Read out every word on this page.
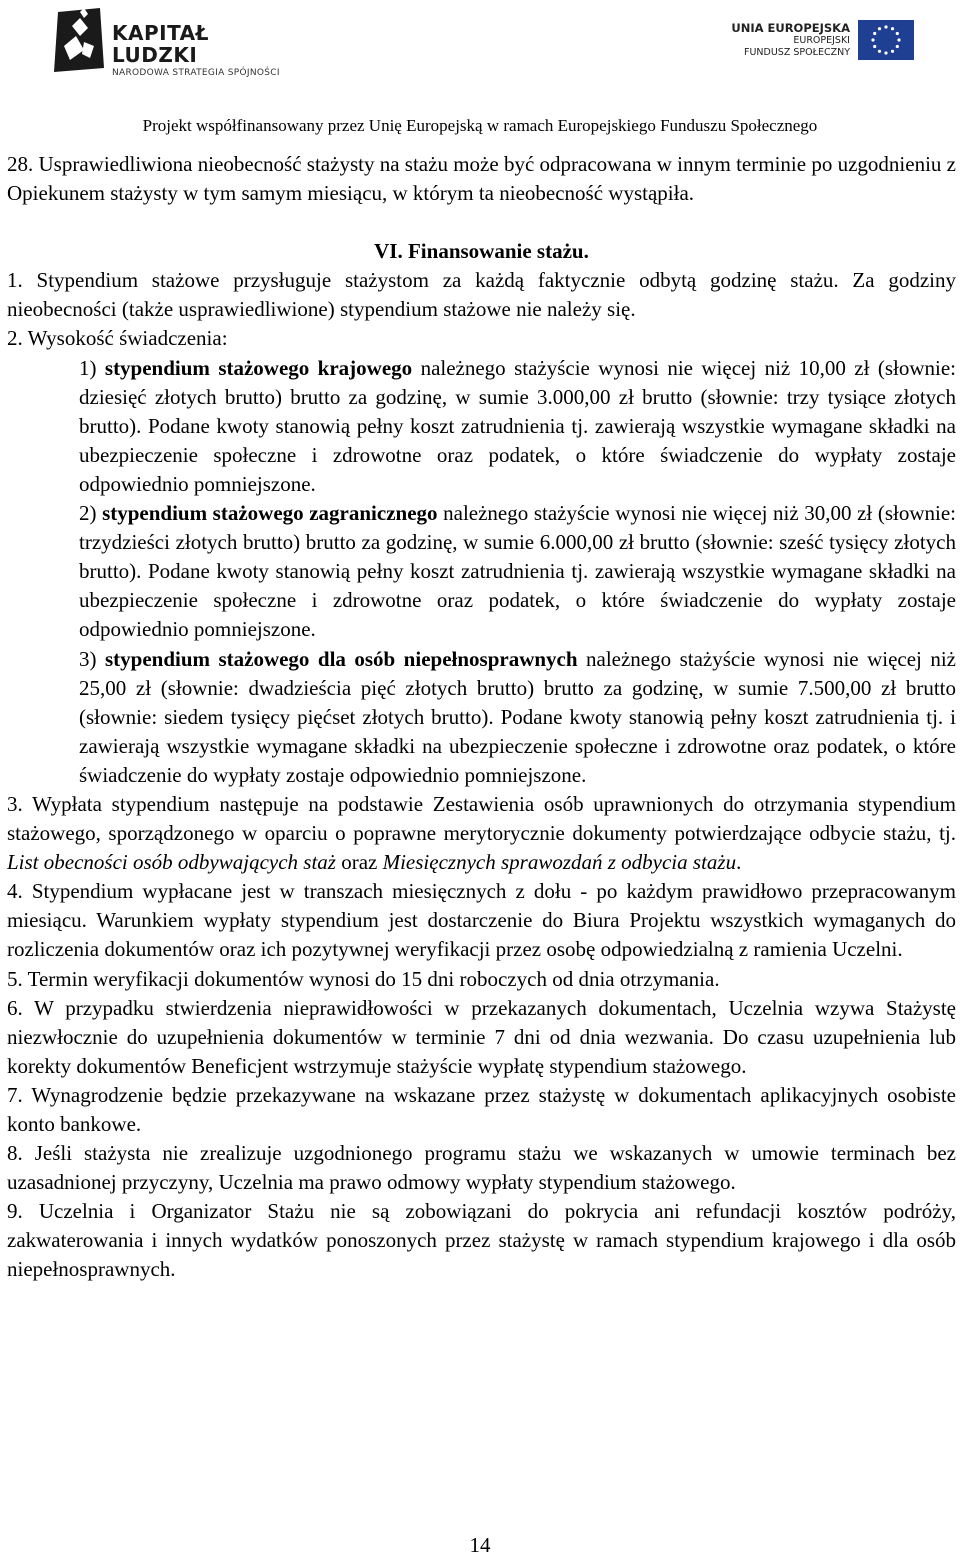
KAPITAŁ LUDZKI
NARODOWA STRATEGIA SPÓJNOŚCI
UNIA EUROPEJSKA
EUROPEJSKI
FUNDUSZ SPOŁECZNY
Projekt współfinansowany przez Unię Europejską w ramach Europejskiego Funduszu Społecznego

28. Usprawiedliwiona nieobecność stażysty na stażu może być odpracowana w innym terminie po uzgodnieniu z Opiekunem stażysty w tym samym miesiącu, w którym ta nieobecność wystąpiła.

VI. Finansowanie stażu.

1. Stypendium stażowe przysługuje stażystom za każdą faktycznie odbytą godzinę stażu. Za godziny nieobecności (także usprawiedliwione) stypendium stażowe nie należy się.

2. Wysokość świadczenia:

1) stypendium stażowego krajowego należnego stażyście wynosi nie więcej niż 10,00 zł (słownie: dziesięć złotych brutto) brutto za godzinę, w sumie 3.000,00 zł brutto (słownie: trzy tysiące złotych brutto). Podane kwoty stanowią pełny koszt zatrudnienia tj. zawierają wszystkie wymagane składki na ubezpieczenie społeczne i zdrowotne oraz podatek, o które świadczenie do wypłaty zostaje odpowiednio pomniejszone.

2) stypendium stażowego zagranicznego należnego stażyście wynosi nie więcej niż 30,00 zł (słownie: trzydzieści złotych brutto) brutto za godzinę, w sumie 6.000,00 zł brutto (słownie: sześć tysięcy złotych brutto). Podane kwoty stanowią pełny koszt zatrudnienia tj. zawierają wszystkie wymagane składki na ubezpieczenie społeczne i zdrowotne oraz podatek, o które świadczenie do wypłaty zostaje odpowiednio pomniejszone.

3) stypendium stażowego dla osób niepełnosprawnych należnego stażyście wynosi nie więcej niż 25,00 zł (słownie: dwadzieścia pięć złotych brutto) brutto za godzinę, w sumie 7.500,00 zł brutto (słownie: siedem tysięcy pięćset złotych brutto). Podane kwoty stanowią pełny koszt zatrudnienia tj. i zawierają wszystkie wymagane składki na ubezpieczenie społeczne i zdrowotne oraz podatek, o które świadczenie do wypłaty zostaje odpowiednio pomniejszone.

3. Wypłata stypendium następuje na podstawie Zestawienia osób uprawnionych do otrzymania stypendium stażowego, sporządzonego w oparciu o poprawne merytorycznie dokumenty potwierdzające odbycie stażu, tj. List obecności osób odbywających staż oraz Miesięcznych sprawozdań z odbycia stażu.

4. Stypendium wypłacane jest w transzach miesięcznych z dołu - po każdym prawidłowo przepracowanym miesiącu. Warunkiem wypłaty stypendium jest dostarczenie do Biura Projektu wszystkich wymaganych do rozliczenia dokumentów oraz ich pozytywnej weryfikacji przez osobę odpowiedzialną z ramienia Uczelni.

5. Termin weryfikacji dokumentów wynosi do 15 dni roboczych od dnia otrzymania.

6. W przypadku stwierdzenia nieprawidłowości w przekazanych dokumentach, Uczelnia wzywa Stażystę niezwłocznie do uzupełnienia dokumentów w terminie 7 dni od dnia wezwania. Do czasu uzupełnienia lub korekty dokumentów Beneficjent wstrzymuje stażyście wypłatę stypendium stażowego.

7. Wynagrodzenie będzie przekazywane na wskazane przez stażystę w dokumentach aplikacyjnych osobiste konto bankowe.

8. Jeśli stażysta nie zrealizuje uzgodnionego programu stażu we wskazanych w umowie terminach bez uzasadnionej przyczyny, Uczelnia ma prawo odmowy wypłaty stypendium stażowego.

9. Uczelnia i Organizator Stażu nie są zobowiązani do pokrycia ani refundacji kosztów podróży, zakwaterowania i innych wydatków ponoszonych przez stażystę w ramach stypendium krajowego i dla osób niepełnosprawnych.

14
